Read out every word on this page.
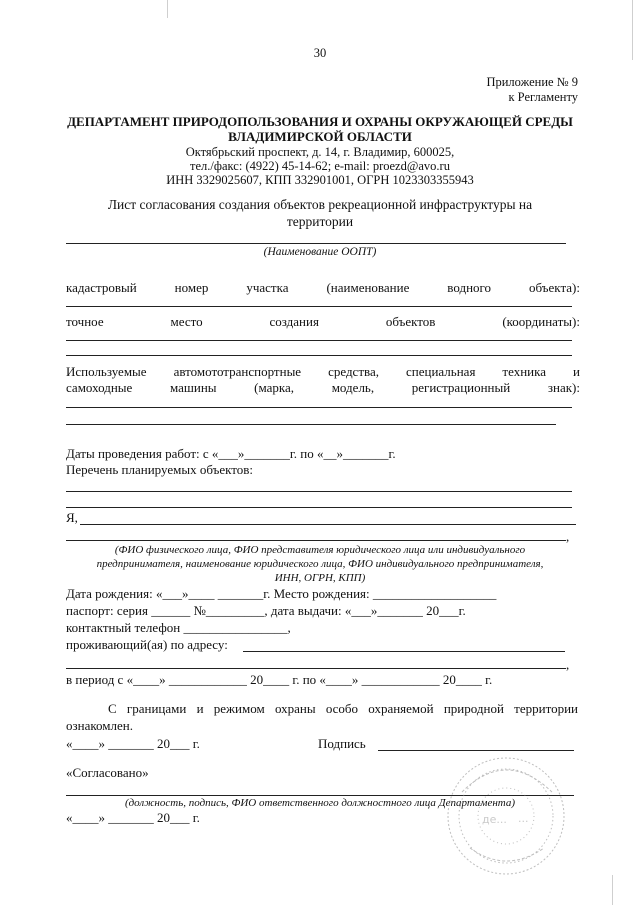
30
Приложение № 9
к Регламенту
ДЕПАРТАМЕНТ ПРИРОДОПОЛЬЗОВАНИЯ И ОХРАНЫ ОКРУЖАЮЩЕЙ СРЕДЫ
ВЛАДИМИРСКОЙ ОБЛАСТИ
Октябрьский проспект, д. 14, г. Владимир, 600025,
тел./факс: (4922) 45-14-62; e-mail: proezd@avo.ru
ИНН 3329025607, КПП 332901001, ОГРН 1023303355943
Лист согласования создания объектов рекреационной инфраструктуры на
территории
(Наименование ООПТ)
кадастровый	номер	участка	(наименование	водного	объекта):
точное	место	создания	объектов	(координаты):
Используемые автомототранспортные средства, специальная техника и
самоходные	машины	(марка,	модель,	регистрационный	знак):
Даты проведения работ: с «___»_______г. по «__»_______г.
Перечень планируемых объектов:
Я,
,
(ФИО физического лица, ФИО представителя юридического лица или индивидуального
предпринимателя, наименование юридического лица, ФИО индивидуального предпринимателя,
ИНН, ОГРН, КПП)
Дата рождения: «___»____ _______г. Место рождения: ___________________
паспорт: серия ______ №_________, дата выдачи: «___»_______ 20___г.
контактный телефон ________________,
проживающий(ая) по адресу:
,
в период с «____» ____________ 20____ г. по «____» ____________ 20____ г.
С границами и режимом охраны особо охраняемой природной территории
ознакомлен.
«____» _______ 20___ г.	Подпись
«Согласовано»
(должность, подпись, ФИО ответственного должностного лица Департамента)
«____» _______ 20___ г.	де... ...
